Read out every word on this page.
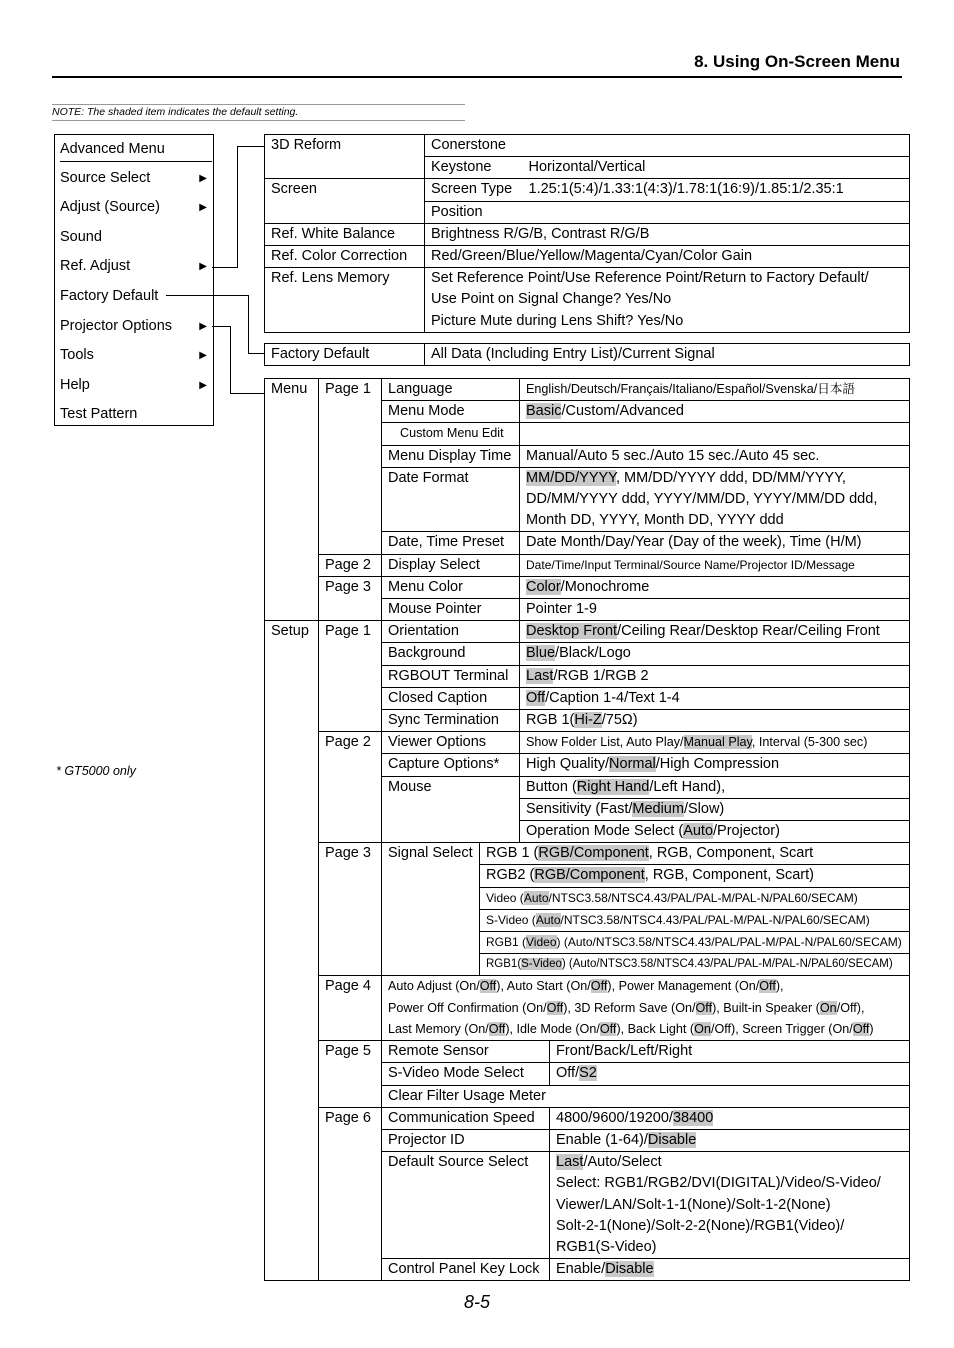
8. Using On-Screen Menu
NOTE: The shaded item indicates the default setting.
Advanced Menu
Source Select	▶
Adjust (Source)	▶
Sound
Ref. Adjust	▶
Factory Default
Projector Options	▶
Tools	▶
Help	▶
Test Pattern
3D Reform	Conerstone	
	Keystone	Horizontal/Vertical
Screen	Screen Type	1.25:1(5:4)/1.33:1(4:3)/1.78:1(16:9)/1.85:1/2.35:1
	Position	
Ref. White Balance	Brightness R/G/B, Contrast R/G/B	
Ref. Color Correction	Red/Green/Blue/Yellow/Magenta/Cyan/Color Gain	
Ref. Lens Memory	Set Reference Point/Use Reference Point/Return to Factory Default/	
	Use Point on Signal Change? Yes/No	
	Picture Mute during Lens Shift? Yes/No	
Factory Default	All Data (Including Entry List)/Current Signal
Menu	Page 1	Language		English/Deutsch/Français/Italiano/Español/Svenska/日本語	
		Menu Mode		Basic/Custom/Advanced	
		Custom Menu Edit			
		Menu Display Time		Manual/Auto 5 sec./Auto 15 sec./Auto 45 sec.	
		Date Format		MM/DD/YYYY, MM/DD/YYYY ddd, DD/MM/YYYY,	
				DD/MM/YYYY ddd, YYYY/MM/DD, YYYY/MM/DD ddd,	
				Month DD, YYYY, Month DD, YYYY ddd	
		Date, Time Preset		Date Month/Day/Year (Day of the week), Time (H/M)	
	Page 2	Display Select		Date/Time/Input Terminal/Source Name/Projector ID/Message	
	Page 3	Menu Color		Color/Monochrome	
		Mouse Pointer		Pointer 1-9	
Setup	Page 1	Orientation		Desktop Front/Ceiling Rear/Desktop Rear/Ceiling Front	
		Background		Blue/Black/Logo	
		RGBOUT Terminal		Last/RGB 1/RGB 2	
		Closed Caption		Off/Caption 1-4/Text 1-4	
		Sync Termination		RGB 1(Hi-Z/75Ω)	
	Page 2	Viewer Options		Show Folder List, Auto Play/Manual Play, Interval (5-300 sec)	
		Capture Options*		High Quality/Normal/High Compression	
		Mouse		Button (Right Hand/Left Hand),	
				Sensitivity (Fast/Medium/Slow)	
				Operation Mode Select (Auto/Projector)	
	Page 3	Signal Select	RGB 1 (RGB/Component, RGB, Component, Scart		
			RGB2 (RGB/Component, RGB, Component, Scart)		
			Video (Auto/NTSC3.58/NTSC4.43/PAL/PAL-M/PAL-N/PAL60/SECAM)		
			S-Video (Auto/NTSC3.58/NTSC4.43/PAL/PAL-M/PAL-N/PAL60/SECAM)		
			RGB1 (Video) (Auto/NTSC3.58/NTSC4.43/PAL/PAL-M/PAL-N/PAL60/SECAM)		
			RGB1(S-Video) (Auto/NTSC3.58/NTSC4.43/PAL/PAL-M/PAL-N/PAL60/SECAM)		
	Page 4	Auto Adjust (On/Off), Auto Start (On/Off), Power Management (On/Off),			
		Power Off Confirmation (On/Off), 3D Reform Save (On/Off), Built-in Speaker (On/Off),			
		Last Memory (On/Off), Idle Mode (On/Off), Back Light (On/Off), Screen Trigger (On/Off)			
	Page 5	Remote Sensor			Front/Back/Left/Right
		S-Video Mode Select			Off/S2
		Clear Filter Usage Meter			
	Page 6	Communication Speed			4800/9600/19200/38400
		Projector ID			Enable (1-64)/Disable
		Default Source Select			Last/Auto/Select
					Select: RGB1/RGB2/DVI(DIGITAL)/Video/S-Video/
					Viewer/LAN/Solt-1-1(None)/Solt-1-2(None)
					Solt-2-1(None)/Solt-2-2(None)/RGB1(Video)/
					RGB1(S-Video)
		Control Panel Key Lock			Enable/Disable
* GT5000 only
8-5
